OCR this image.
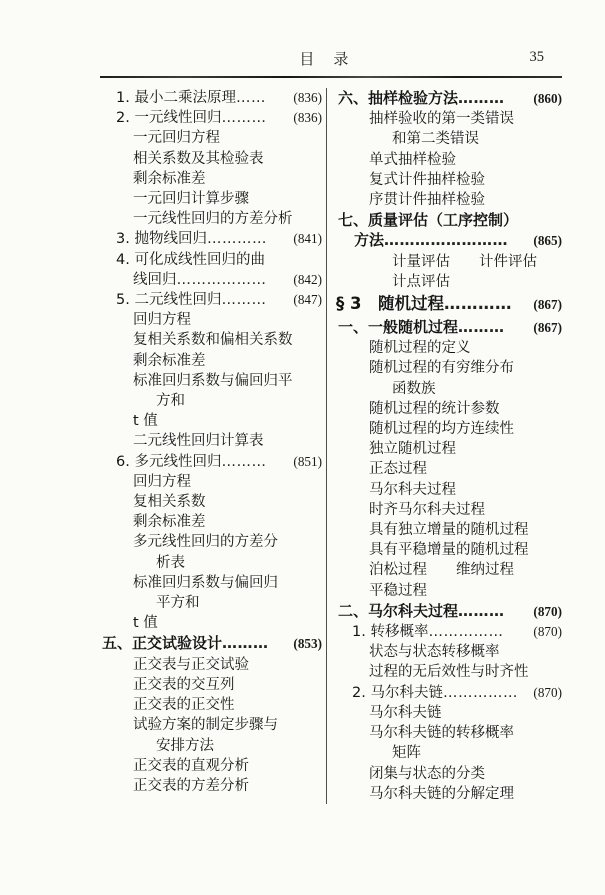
目　录	35
1. 最小二乘法原理 ……	(836)
2. 一元线性回归 ………	(836)
一元回归方程
相关系数及其检验表
剩余标准差
一元回归计算步骤
一元线性回归的方差分析
3. 抛物线回归 …………	(841)
4. 可化成线性回归的曲
线回归 ………………	(842)
5. 二元线性回归 ………	(847)
回归方程
复相关系数和偏相关系数
剩余标准差
标准回归系数与偏回归平
方和
t 值
二元线性回归计算表
6. 多元线性回归 ………	(851)
回归方程
复相关系数
剩余标准差
多元线性回归的方差分
析表
标准回归系数与偏回归
平方和
t 值
五、正交试验设计 ………	(853)
正交表与正交试验
正交表的交互列
正交表的正交性
试验方案的制定步骤与
安排方法
正交表的直观分析
正交表的方差分析
六、抽样检验方法 ………	(860)
抽样验收的第一类错误
和第二类错误
单式抽样检验
复式计件抽样检验
序贯计件抽样检验
七、质量评估（工序控制）
方法 ……………………	(865)
计量评估　　计件评估
计点评估
§ 3　随机过程 …………	(867)
一、一般随机过程 ………	(867)
随机过程的定义
随机过程的有穷维分布
函数族
随机过程的统计参数
随机过程的均方连续性
独立随机过程
正态过程
马尔科夫过程
时齐马尔科夫过程
具有独立增量的随机过程
具有平稳增量的随机过程
泊松过程　　维纳过程
平稳过程
二、马尔科夫过程 ………	(870)
1. 转移概率 ……………	(870)
状态与状态转移概率
过程的无后效性与时齐性
2. 马尔科夫链 ……………	(870)
马尔科夫链
马尔科夫链的转移概率
矩阵
闭集与状态的分类
马尔科夫链的分解定理
